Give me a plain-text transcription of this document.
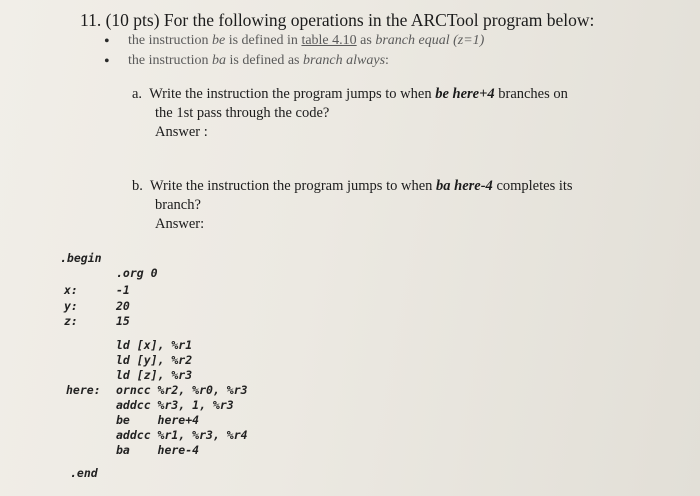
11. (10 pts) For the following operations in the ARCTool program below:
• the instruction be is defined in table 4.10 as branch equal (z=1)
• the instruction ba is defined as branch always:
a. Write the instruction the program jumps to when be here+4 branches on
the 1st pass through the code?
Answer :
b. Write the instruction the program jumps to when ba here-4 completes its
branch?
Answer:
.begin
.org 0
x:
y:
z:
-1
20
15
ld [x], %r1
ld [y], %r2
ld [z], %r3
here: orncc %r2, %r0, %r3
addcc %r3, 1, %r3
be    here+4
addcc %r1, %r3, %r4
ba    here-4
.end
